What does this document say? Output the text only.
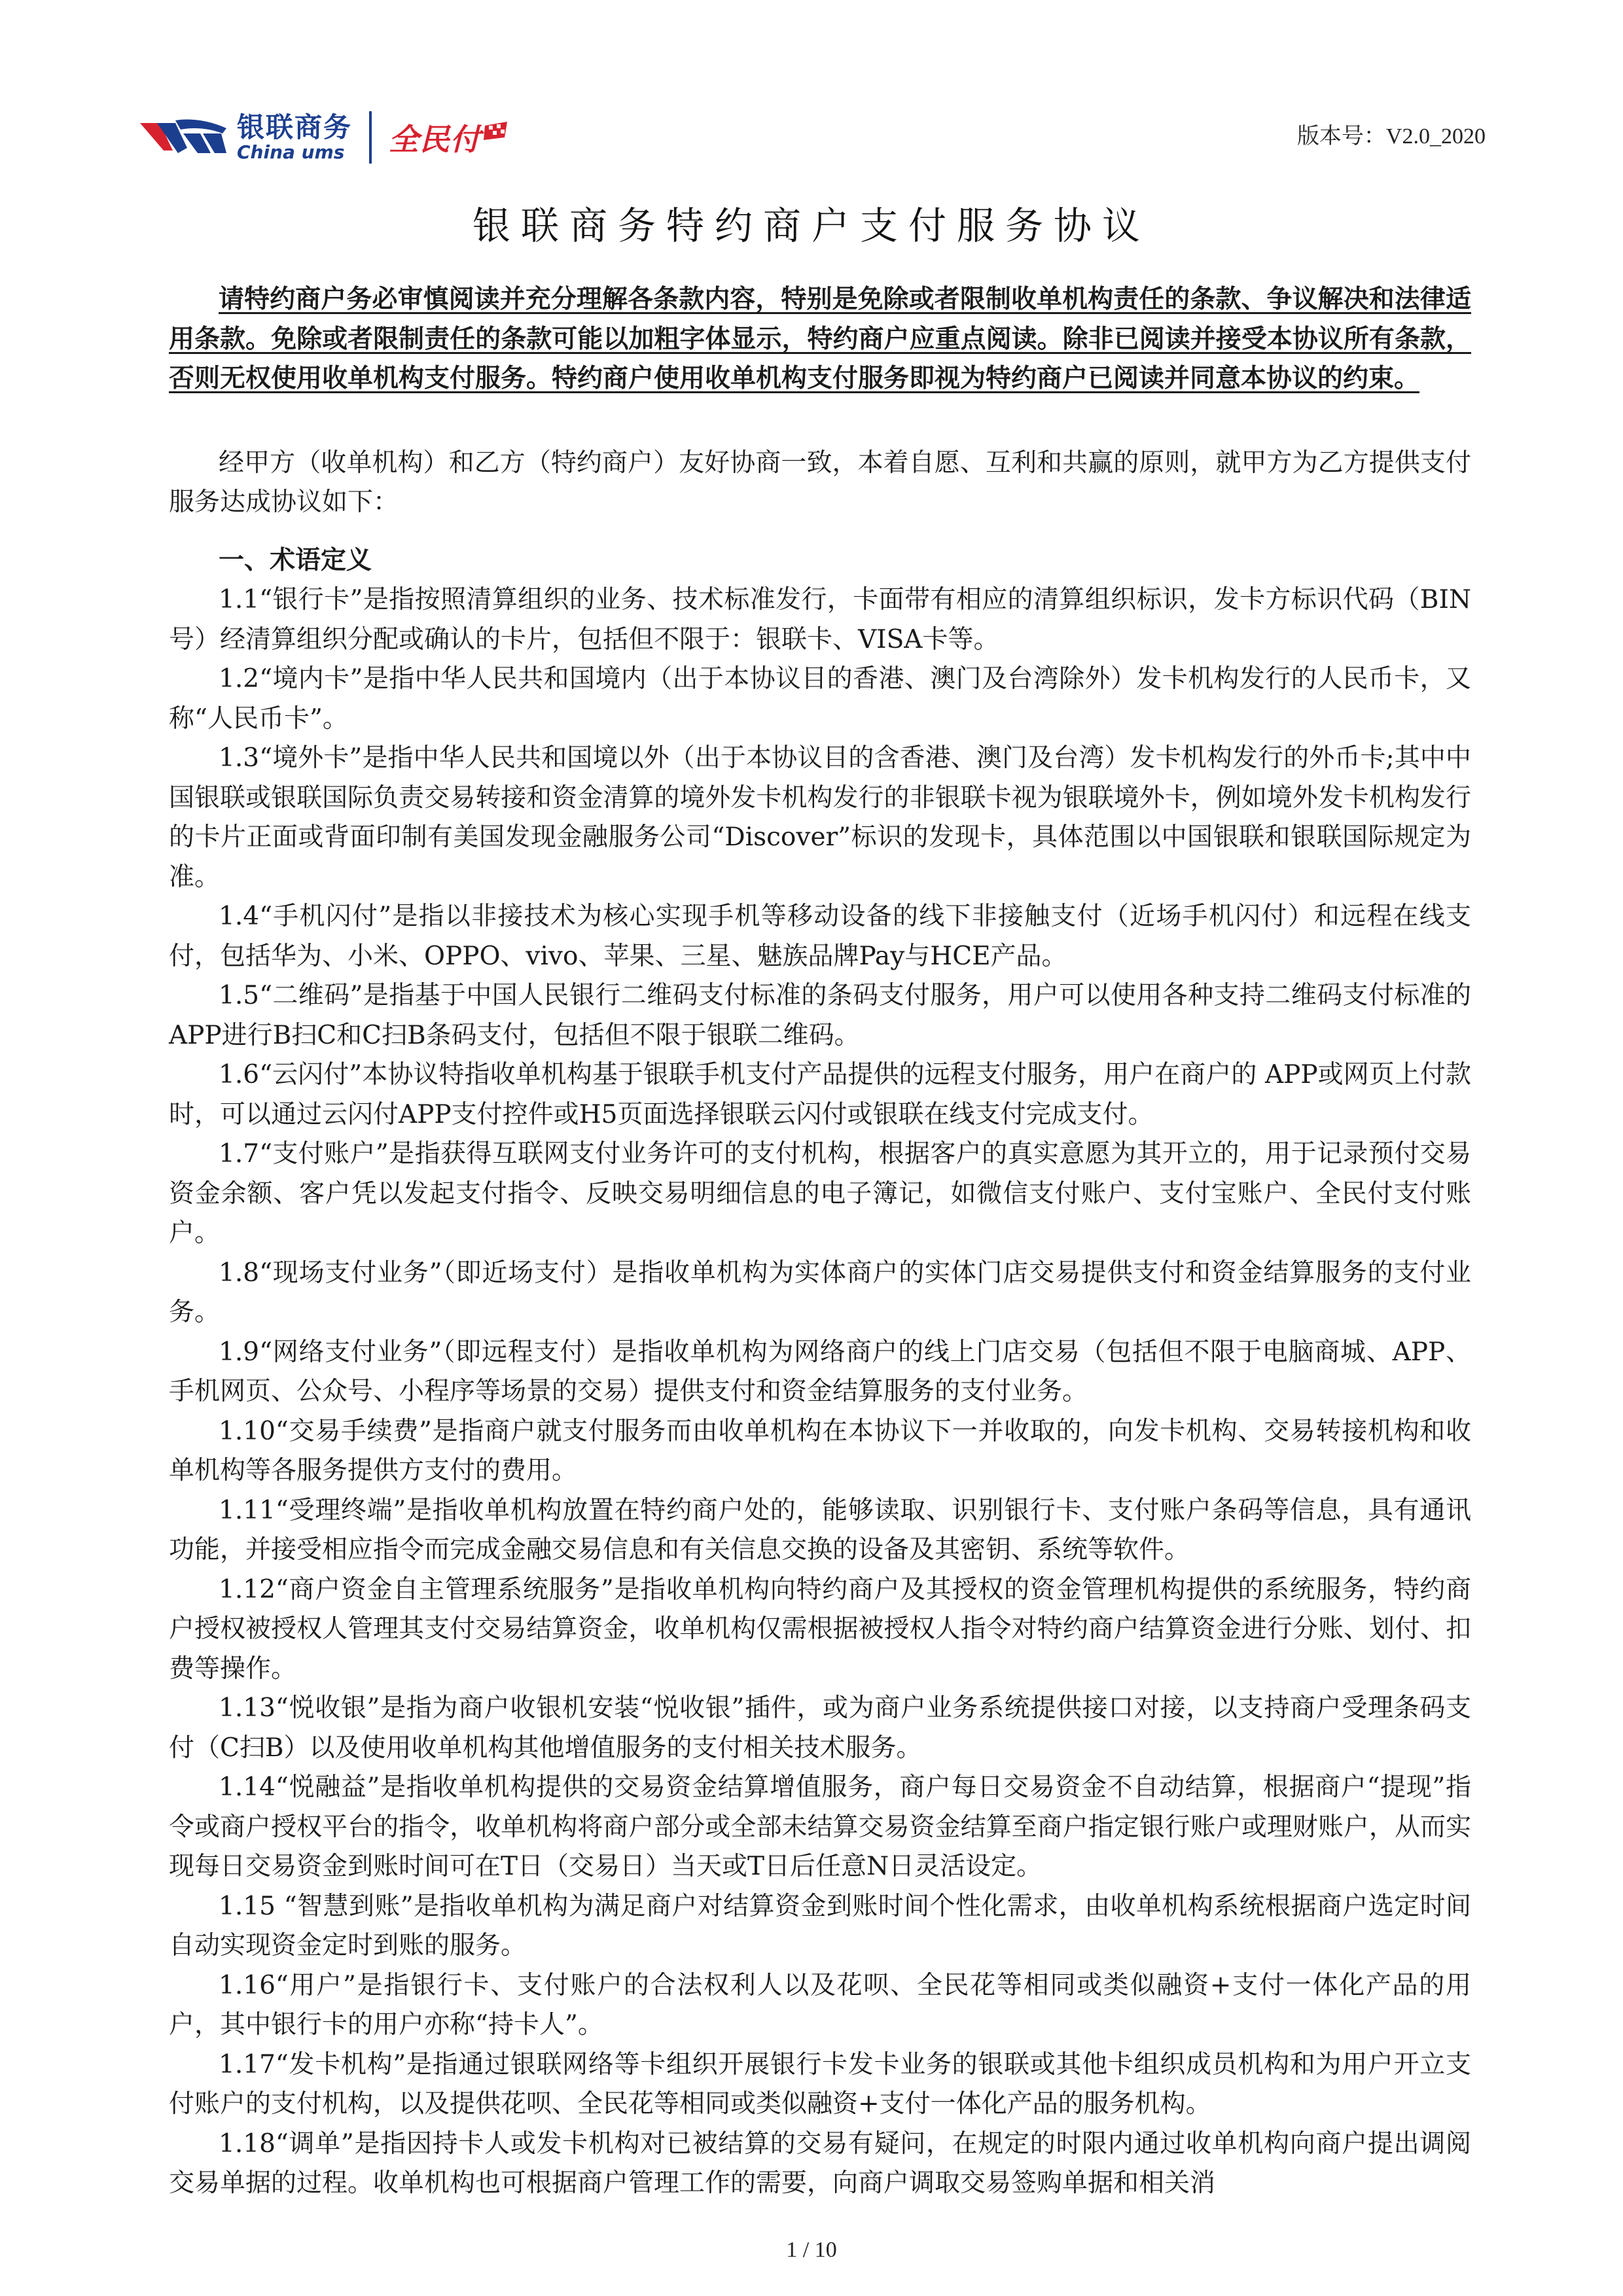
银联商务
China ums 全民付	版本号：V2.0_2020
银联商务特约商户支付服务协议

请特约商户务必审慎阅读并充分理解各条款内容，特别是免除或者限制收单机构责任的条款、争议解决和法律适用条款。免除或者限制责任的条款可能以加粗字体显示，特约商户应重点阅读。除非已阅读并接受本协议所有条款，否则无权使用收单机构支付服务。特约商户使用收单机构支付服务即视为特约商户已阅读并同意本协议的约束。

经甲方（收单机构）和乙方（特约商户）友好协商一致，本着自愿、互利和共赢的原则，就甲方为乙方提供支付服务达成协议如下：

一、术语定义

1.1“银行卡”是指按照清算组织的业务、技术标准发行，卡面带有相应的清算组织标识，发卡方标识代码（BIN号）经清算组织分配或确认的卡片，包括但不限于：银联卡、VISA卡等。

1.2“境内卡”是指中华人民共和国境内（出于本协议目的香港、澳门及台湾除外）发卡机构发行的人民币卡，又称“人民币卡”。

1.3“境外卡”是指中华人民共和国境以外（出于本协议目的含香港、澳门及台湾）发卡机构发行的外币卡;其中中国银联或银联国际负责交易转接和资金清算的境外发卡机构发行的非银联卡视为银联境外卡，例如境外发卡机构发行的卡片正面或背面印制有美国发现金融服务公司“Discover”标识的发现卡，具体范围以中国银联和银联国际规定为准。

1.4“手机闪付”是指以非接技术为核心实现手机等移动设备的线下非接触支付（近场手机闪付）和远程在线支付，包括华为、小米、OPPO、vivo、苹果、三星、魅族品牌Pay与HCE产品。

1.5“二维码”是指基于中国人民银行二维码支付标准的条码支付服务，用户可以使用各种支持二维码支付标准的APP进行B扫C和C扫B条码支付，包括但不限于银联二维码。

1.6“云闪付”本协议特指收单机构基于银联手机支付产品提供的远程支付服务，用户在商户的 APP或网页上付款时，可以通过云闪付APP支付控件或H5页面选择银联云闪付或银联在线支付完成支付。

1.7“支付账户”是指获得互联网支付业务许可的支付机构，根据客户的真实意愿为其开立的，用于记录预付交易资金余额、客户凭以发起支付指令、反映交易明细信息的电子簿记，如微信支付账户、支付宝账户、全民付支付账户。

1.8“现场支付业务”（即近场支付）是指收单机构为实体商户的实体门店交易提供支付和资金结算服务的支付业务。

1.9“网络支付业务”（即远程支付）是指收单机构为网络商户的线上门店交易（包括但不限于电脑商城、APP、手机网页、公众号、小程序等场景的交易）提供支付和资金结算服务的支付业务。

1.10“交易手续费”是指商户就支付服务而由收单机构在本协议下一并收取的，向发卡机构、交易转接机构和收单机构等各服务提供方支付的费用。

1.11“受理终端”是指收单机构放置在特约商户处的，能够读取、识别银行卡、支付账户条码等信息，具有通讯功能，并接受相应指令而完成金融交易信息和有关信息交换的设备及其密钥、系统等软件。

1.12“商户资金自主管理系统服务”是指收单机构向特约商户及其授权的资金管理机构提供的系统服务，特约商户授权被授权人管理其支付交易结算资金，收单机构仅需根据被授权人指令对特约商户结算资金进行分账、划付、扣费等操作。

1.13“悦收银”是指为商户收银机安装“悦收银”插件，或为商户业务系统提供接口对接，以支持商户受理条码支付（C扫B）以及使用收单机构其他增值服务的支付相关技术服务。

1.14“悦融益”是指收单机构提供的交易资金结算增值服务，商户每日交易资金不自动结算，根据商户“提现”指令或商户授权平台的指令，收单机构将商户部分或全部未结算交易资金结算至商户指定银行账户或理财账户，从而实现每日交易资金到账时间可在T日（交易日）当天或T日后任意N日灵活设定。

1.15 “智慧到账”是指收单机构为满足商户对结算资金到账时间个性化需求，由收单机构系统根据商户选定时间自动实现资金定时到账的服务。

1.16“用户”是指银行卡、支付账户的合法权利人以及花呗、全民花等相同或类似融资+支付一体化产品的用户，其中银行卡的用户亦称“持卡人”。

1.17“发卡机构”是指通过银联网络等卡组织开展银行卡发卡业务的银联或其他卡组织成员机构和为用户开立支付账户的支付机构，以及提供花呗、全民花等相同或类似融资+支付一体化产品的服务机构。

1.18“调单”是指因持卡人或发卡机构对已被结算的交易有疑问，在规定的时限内通过收单机构向商户提出调阅交易单据的过程。收单机构也可根据商户管理工作的需要，向商户调取交易签购单据和相关消

1 / 10
